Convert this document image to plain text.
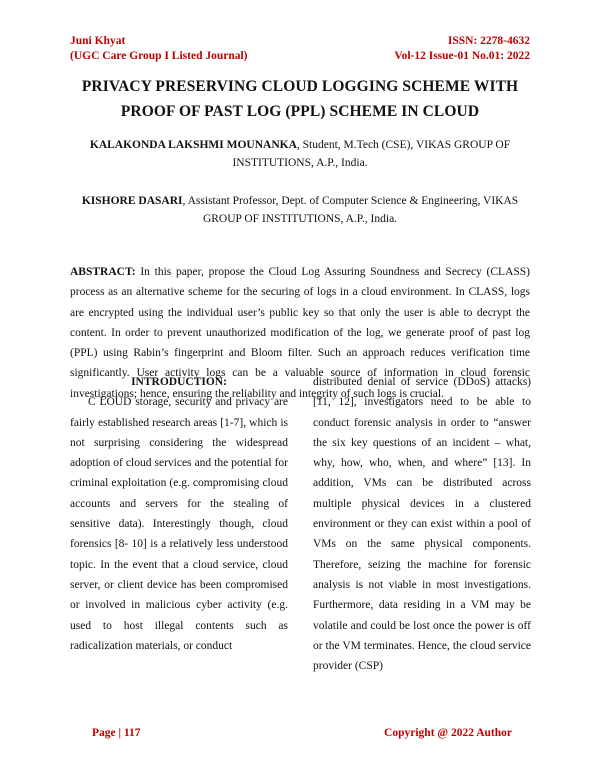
Juni Khyat
(UGC Care Group I Listed Journal)
ISSN: 2278-4632
Vol-12 Issue-01 No.01: 2022
PRIVACY PRESERVING CLOUD LOGGING SCHEME WITH PROOF OF PAST LOG (PPL) SCHEME IN CLOUD
KALAKONDA LAKSHMI MOUNANKA, Student, M.Tech (CSE), VIKAS GROUP OF INSTITUTIONS, A.P., India.
KISHORE DASARI, Assistant Professor, Dept. of Computer Science & Engineering, VIKAS GROUP OF INSTITUTIONS, A.P., India.
ABSTRACT: In this paper, propose the Cloud Log Assuring Soundness and Secrecy (CLASS) process as an alternative scheme for the securing of logs in a cloud environment. In CLASS, logs are encrypted using the individual user’s public key so that only the user is able to decrypt the content. In order to prevent unauthorized modification of the log, we generate proof of past log (PPL) using Rabin’s fingerprint and Bloom filter. Such an approach reduces verification time significantly. User activity logs can be a valuable source of information in cloud forensic investigations; hence, ensuring the reliability and integrity of such logs is crucial.
INTRODUCTION:
C LOUD storage, security and privacy are fairly established research areas [1-7], which is not surprising considering the widespread adoption of cloud services and the potential for criminal exploitation (e.g. compromising cloud accounts and servers for the stealing of sensitive data). Interestingly though, cloud forensics [8- 10] is a relatively less understood topic. In the event that a cloud service, cloud server, or client device has been compromised or involved in malicious cyber activity (e.g. used to host illegal contents such as radicalization materials, or conduct
distributed denial of service (DDoS) attacks) [11, 12], investigators need to be able to conduct forensic analysis in order to “answer the six key questions of an incident – what, why, how, who, when, and where” [13]. In addition, VMs can be distributed across multiple physical devices in a clustered environment or they can exist within a pool of VMs on the same physical components. Therefore, seizing the machine for forensic analysis is not viable in most investigations. Furthermore, data residing in a VM may be volatile and could be lost once the power is off or the VM terminates. Hence, the cloud service provider (CSP)
Page | 117	Copyright @ 2022 Author
